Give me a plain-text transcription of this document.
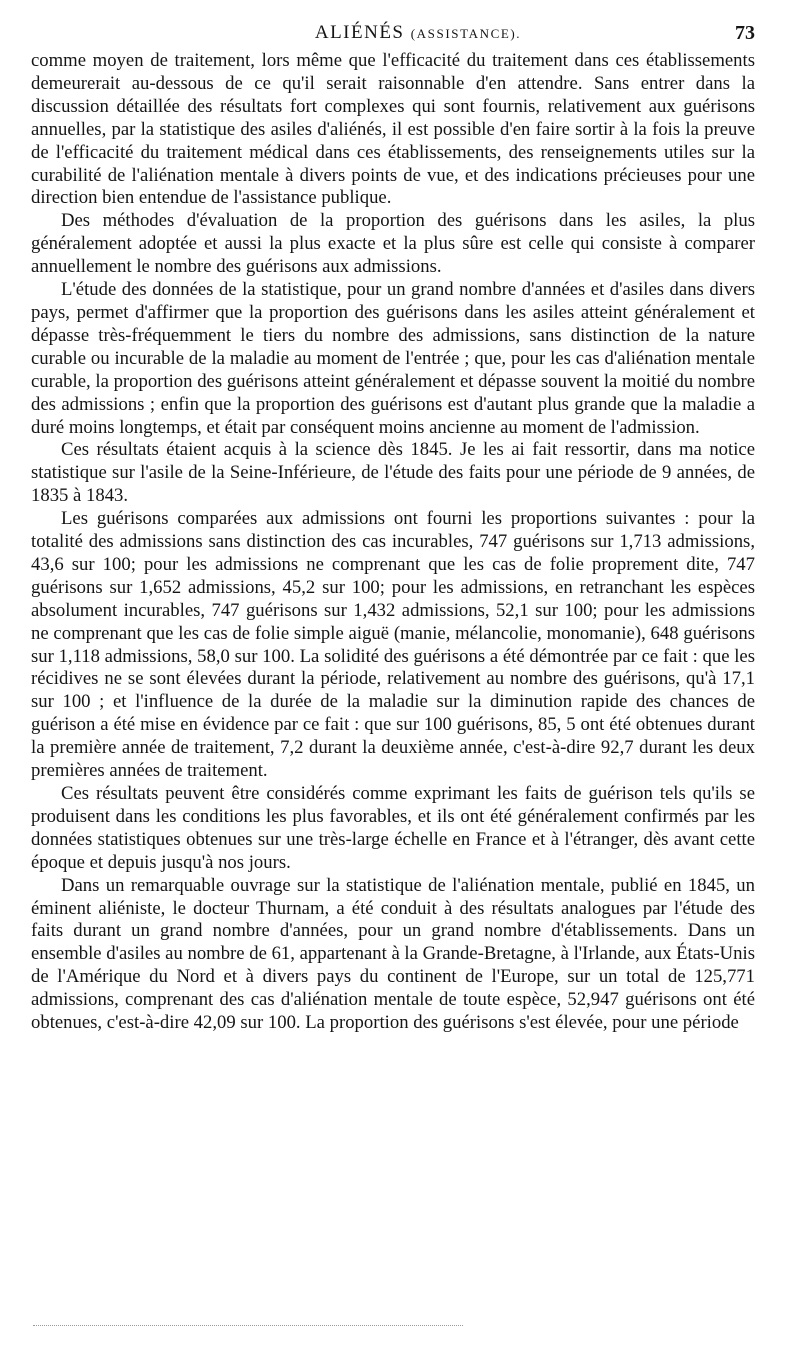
ALIÉNÉS (ASSISTANCE).	73

comme moyen de traitement, lors même que l'efficacité du traitement dans ces établissements demeurerait au-dessous de ce qu'il serait raisonnable d'en attendre. Sans entrer dans la discussion détaillée des résultats fort complexes qui sont fournis, relativement aux guérisons annuelles, par la statistique des asiles d'aliénés, il est possible d'en faire sortir à la fois la preuve de l'efficacité du traitement médical dans ces établissements, des renseignements utiles sur la curabilité de l'aliénation mentale à divers points de vue, et des indications précieuses pour une direction bien entendue de l'assistance publique.

Des méthodes d'évaluation de la proportion des guérisons dans les asiles, la plus généralement adoptée et aussi la plus exacte et la plus sûre est celle qui consiste à comparer annuellement le nombre des guérisons aux admissions.

L'étude des données de la statistique, pour un grand nombre d'années et d'asiles dans divers pays, permet d'affirmer que la proportion des guérisons dans les asiles atteint généralement et dépasse très-fréquemment le tiers du nombre des admissions, sans distinction de la nature curable ou incurable de la maladie au moment de l'entrée ; que, pour les cas d'aliénation mentale curable, la proportion des guérisons atteint généralement et dépasse souvent la moitié du nombre des admissions ; enfin que la proportion des guérisons est d'autant plus grande que la maladie a duré moins longtemps, et était par conséquent moins ancienne au moment de l'admission.

Ces résultats étaient acquis à la science dès 1845. Je les ai fait ressortir, dans ma notice statistique sur l'asile de la Seine-Inférieure, de l'étude des faits pour une période de 9 années, de 1835 à 1843.

Les guérisons comparées aux admissions ont fourni les proportions suivantes : pour la totalité des admissions sans distinction des cas incurables, 747 guérisons sur 1,713 admissions, 43,6 sur 100; pour les admissions ne comprenant que les cas de folie proprement dite, 747 guérisons sur 1,652 admissions, 45,2 sur 100; pour les admissions, en retranchant les espèces absolument incurables, 747 guérisons sur 1,432 admissions, 52,1 sur 100; pour les admissions ne comprenant que les cas de folie simple aiguë (manie, mélancolie, monomanie), 648 guérisons sur 1,118 admissions, 58,0 sur 100. La solidité des guérisons a été démontrée par ce fait : que les récidives ne se sont élevées durant la période, relativement au nombre des guérisons, qu'à 17,1 sur 100 ; et l'influence de la durée de la maladie sur la diminution rapide des chances de guérison a été mise en évidence par ce fait : que sur 100 guérisons, 85, 5 ont été obtenues durant la première année de traitement, 7,2 durant la deuxième année, c'est-à-dire 92,7 durant les deux premières années de traitement.

Ces résultats peuvent être considérés comme exprimant les faits de guérison tels qu'ils se produisent dans les conditions les plus favorables, et ils ont été généralement confirmés par les données statistiques obtenues sur une très-large échelle en France et à l'étranger, dès avant cette époque et depuis jusqu'à nos jours.

Dans un remarquable ouvrage sur la statistique de l'aliénation mentale, publié en 1845, un éminent aliéniste, le docteur Thurnam, a été conduit à des résultats analogues par l'étude des faits durant un grand nombre d'années, pour un grand nombre d'établissements. Dans un ensemble d'asiles au nombre de 61, appartenant à la Grande-Bretagne, à l'Irlande, aux États-Unis de l'Amérique du Nord et à divers pays du continent de l'Europe, sur un total de 125,771 admissions, comprenant des cas d'aliénation mentale de toute espèce, 52,947 guérisons ont été obtenues, c'est-à-dire 42,09 sur 100. La proportion des guérisons s'est élevée, pour une période
